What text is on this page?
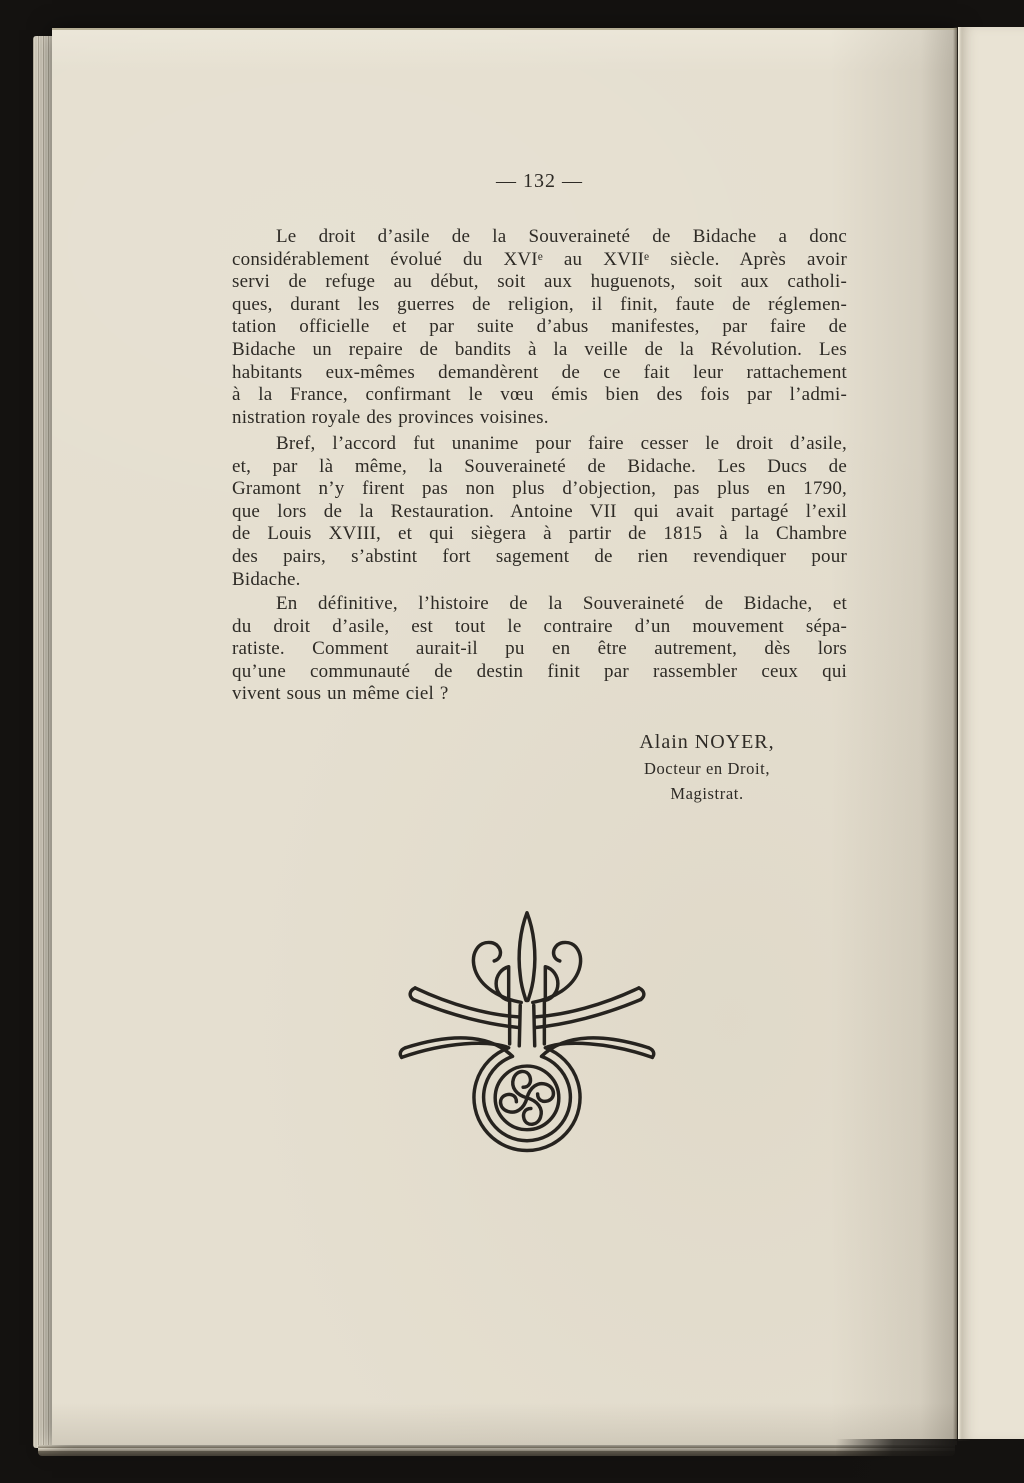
— 132 —
Le droit d’asile de la Souveraineté de Bidache a donc
considérablement évolué du XVIᵉ au XVIIᵉ siècle. Après avoir
servi de refuge au début, soit aux huguenots, soit aux catholi-
ques, durant les guerres de religion, il finit, faute de réglemen-
tation officielle et par suite d’abus manifestes, par faire de
Bidache un repaire de bandits à la veille de la Révolution. Les
habitants eux-mêmes demandèrent de ce fait leur rattachement
à la France, confirmant le vœu émis bien des fois par l’admi-
nistration royale des provinces voisines.
Bref, l’accord fut unanime pour faire cesser le droit d’asile,
et, par là même, la Souveraineté de Bidache. Les Ducs de
Gramont n’y firent pas non plus d’objection, pas plus en 1790,
que lors de la Restauration. Antoine VII qui avait partagé l’exil
de Louis XVIII, et qui siègera à partir de 1815 à la Chambre
des pairs, s’abstint fort sagement de rien revendiquer pour
Bidache.
En définitive, l’histoire de la Souveraineté de Bidache, et
du droit d’asile, est tout le contraire d’un mouvement sépa-
ratiste. Comment aurait-il pu en être autrement, dès lors
qu’une communauté de destin finit par rassembler ceux qui
vivent sous un même ciel ?
Alain NOYER,
Docteur en Droit,
Magistrat.
